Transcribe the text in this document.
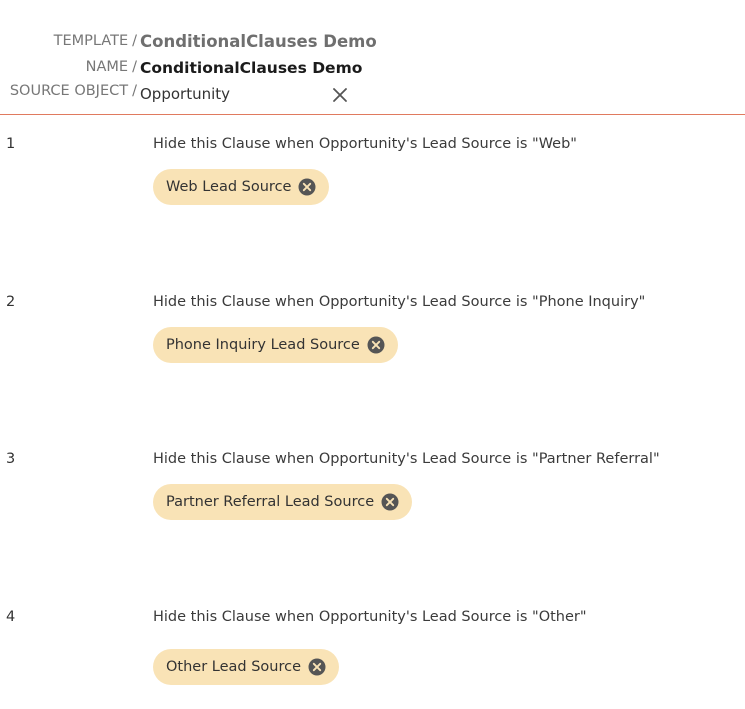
TEMPLATE / ConditionalClauses Demo
NAME / ConditionalClauses Demo
SOURCE OBJECT / Opportunity
1	Hide this Clause when Opportunity's Lead Source is "Web"
Web Lead Source
2	Hide this Clause when Opportunity's Lead Source is "Phone Inquiry"
Phone Inquiry Lead Source
3	Hide this Clause when Opportunity's Lead Source is "Partner Referral"
Partner Referral Lead Source
4	Hide this Clause when Opportunity's Lead Source is "Other"
Other Lead Source
